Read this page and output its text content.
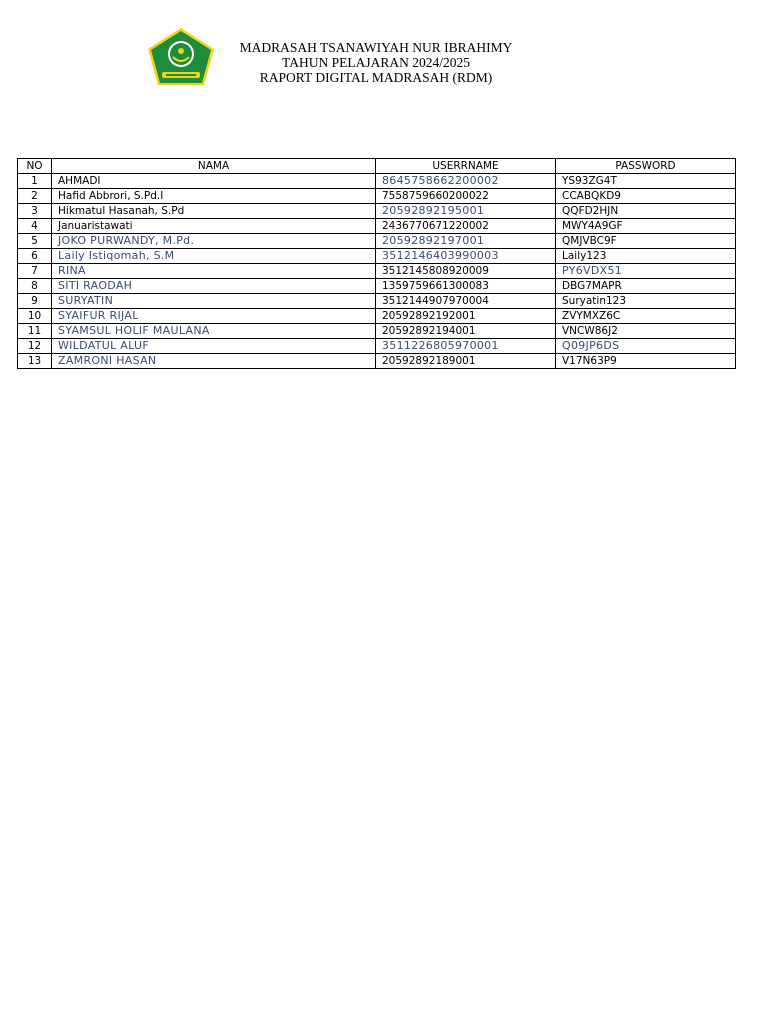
MADRASAH TSANAWIYAH NUR IBRAHIMY
TAHUN PELAJARAN 2024/2025
RAPORT DIGITAL MADRASAH (RDM)
NO	NAMA	USERRNAME	PASSWORD
1	AHMADI	8645758662200002	YS93ZG4T
2	Hafid Abbrori, S.Pd.I	7558759660200022	CCABQKD9
3	Hikmatul Hasanah, S.Pd	20592892195001	QQFD2HJN
4	Januaristawati	2436770671220002	MWY4A9GF
5	JOKO PURWANDY, M.Pd.	20592892197001	QMJVBC9F
6	Laily Istiqomah, S.M	3512146403990003	Laily123
7	RINA	3512145808920009	PY6VDX51
8	SITI RAODAH	1359759661300083	DBG7MAPR
9	SURYATIN	3512144907970004	Suryatin123
10	SYAIFUR RIJAL	20592892192001	ZVYMXZ6C
11	SYAMSUL HOLIF MAULANA	20592892194001	VNCW86J2
12	WILDATUL ALUF	3511226805970001	Q09JP6DS
13	ZAMRONI HASAN	20592892189001	V17N63P9
